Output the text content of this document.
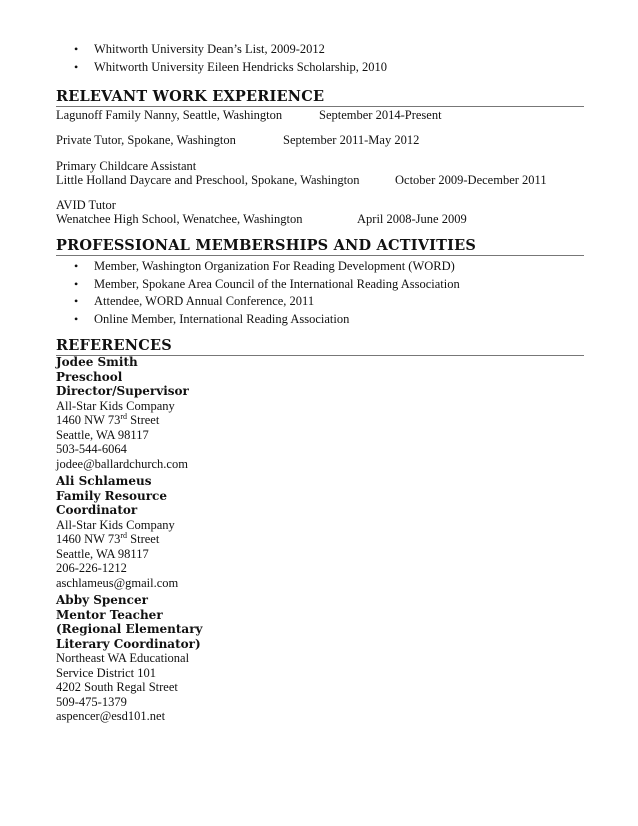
• Whitworth University Dean’s List, 2009-2012
• Whitworth University Eileen Hendricks Scholarship, 2010
RELEVANT WORK EXPERIENCE
Lagunoff Family Nanny, Seattle, Washington	September 2014-Present
Private Tutor, Spokane, Washington	September 2011-May 2012
Primary Childcare Assistant
Little Holland Daycare and Preschool, Spokane, Washington	October 2009-December 2011
AVID Tutor
Wenatchee High School, Wenatchee, Washington	April 2008-June 2009
PROFESSIONAL MEMBERSHIPS AND ACTIVITIES
• Member, Washington Organization For Reading Development (WORD)
• Member, Spokane Area Council of the International Reading Association
• Attendee, WORD Annual Conference, 2011
• Online Member, International Reading Association
REFERENCES
Jodee Smith
Preschool
Director/Supervisor
All-Star Kids Company
1460 NW 73rd Street
Seattle, WA 98117
503-544-6064
jodee@ballardchurch.com
Ali Schlameus
Family Resource
Coordinator
All-Star Kids Company
1460 NW 73rd Street
Seattle, WA 98117
206-226-1212
aschlameus@gmail.com
Abby Spencer
Mentor Teacher
(Regional Elementary
Literary Coordinator)
Northeast WA Educational
Service District 101
4202 South Regal Street
509-475-1379
aspencer@esd101.net
